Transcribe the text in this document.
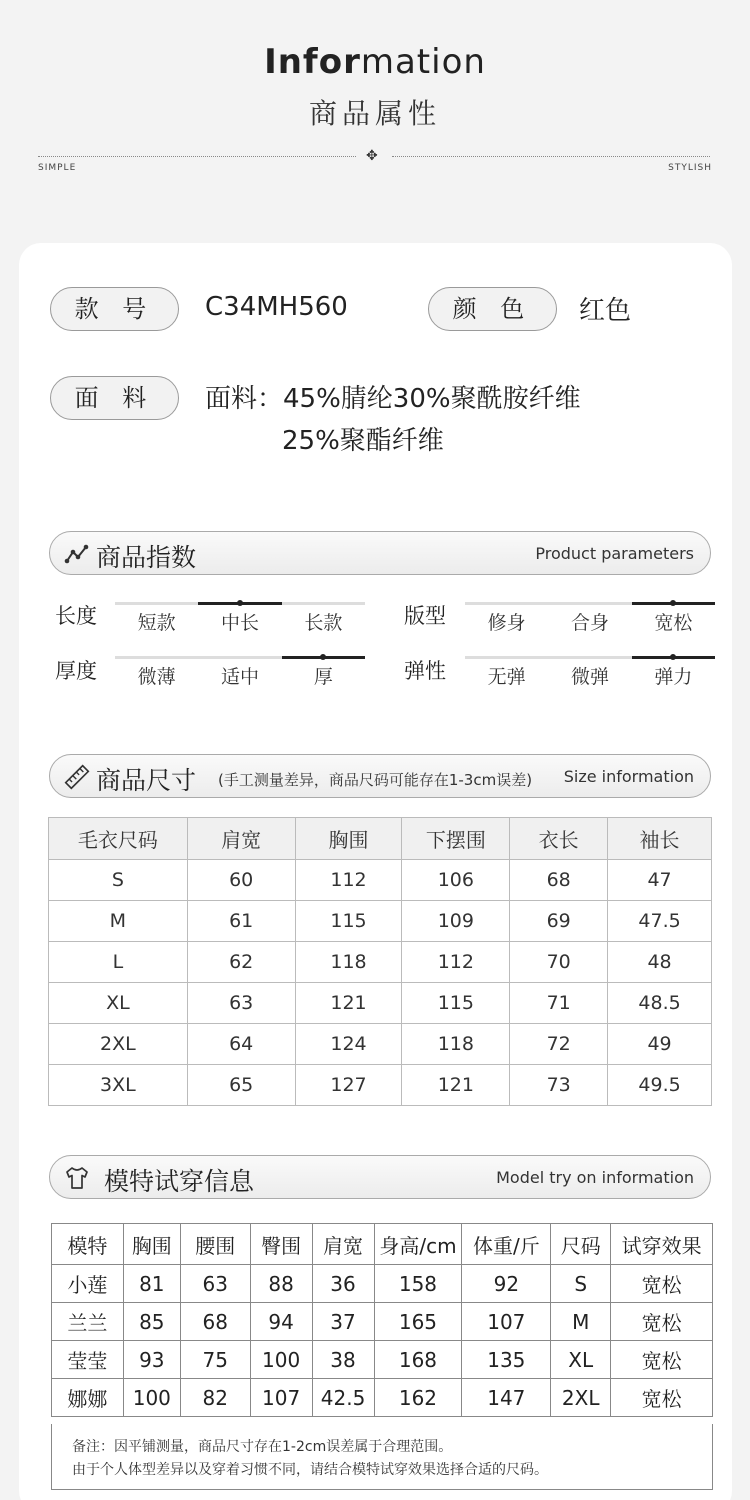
Information
商品属性
✥
SIMPLE	STYLISH
款 号	C34MH560	颜 色	红色
面 料	面料：45%腈纶30%聚酰胺纤维
25%聚酯纤维
商品指数	Product parameters
长度	短款	中长	长款	版型	修身	合身	宽松
厚度	微薄	适中	厚	弹性	无弹	微弹	弹力
商品尺寸 (手工测量差异，商品尺码可能存在1-3cm误差) Size information
毛衣尺码	肩宽	胸围	下摆围	衣长	袖长
S	60	112	106	68	47
M	61	115	109	69	47.5
L	62	118	112	70	48
XL	63	121	115	71	48.5
2XL	64	124	118	72	49
3XL	65	127	121	73	49.5
模特试穿信息	Model try on information
模特	胸围	腰围	臀围	肩宽	身高/cm	体重/斤	尺码	试穿效果
小莲	81	63	88	36	158	92	S	宽松
兰兰	85	68	94	37	165	107	M	宽松
莹莹	93	75	100	38	168	135	XL	宽松
娜娜	100	82	107	42.5	162	147	2XL	宽松
备注：因平铺测量，商品尺寸存在1-2cm误差属于合理范围。
由于个人体型差异以及穿着习惯不同，请结合模特试穿效果选择合适的尺码。
